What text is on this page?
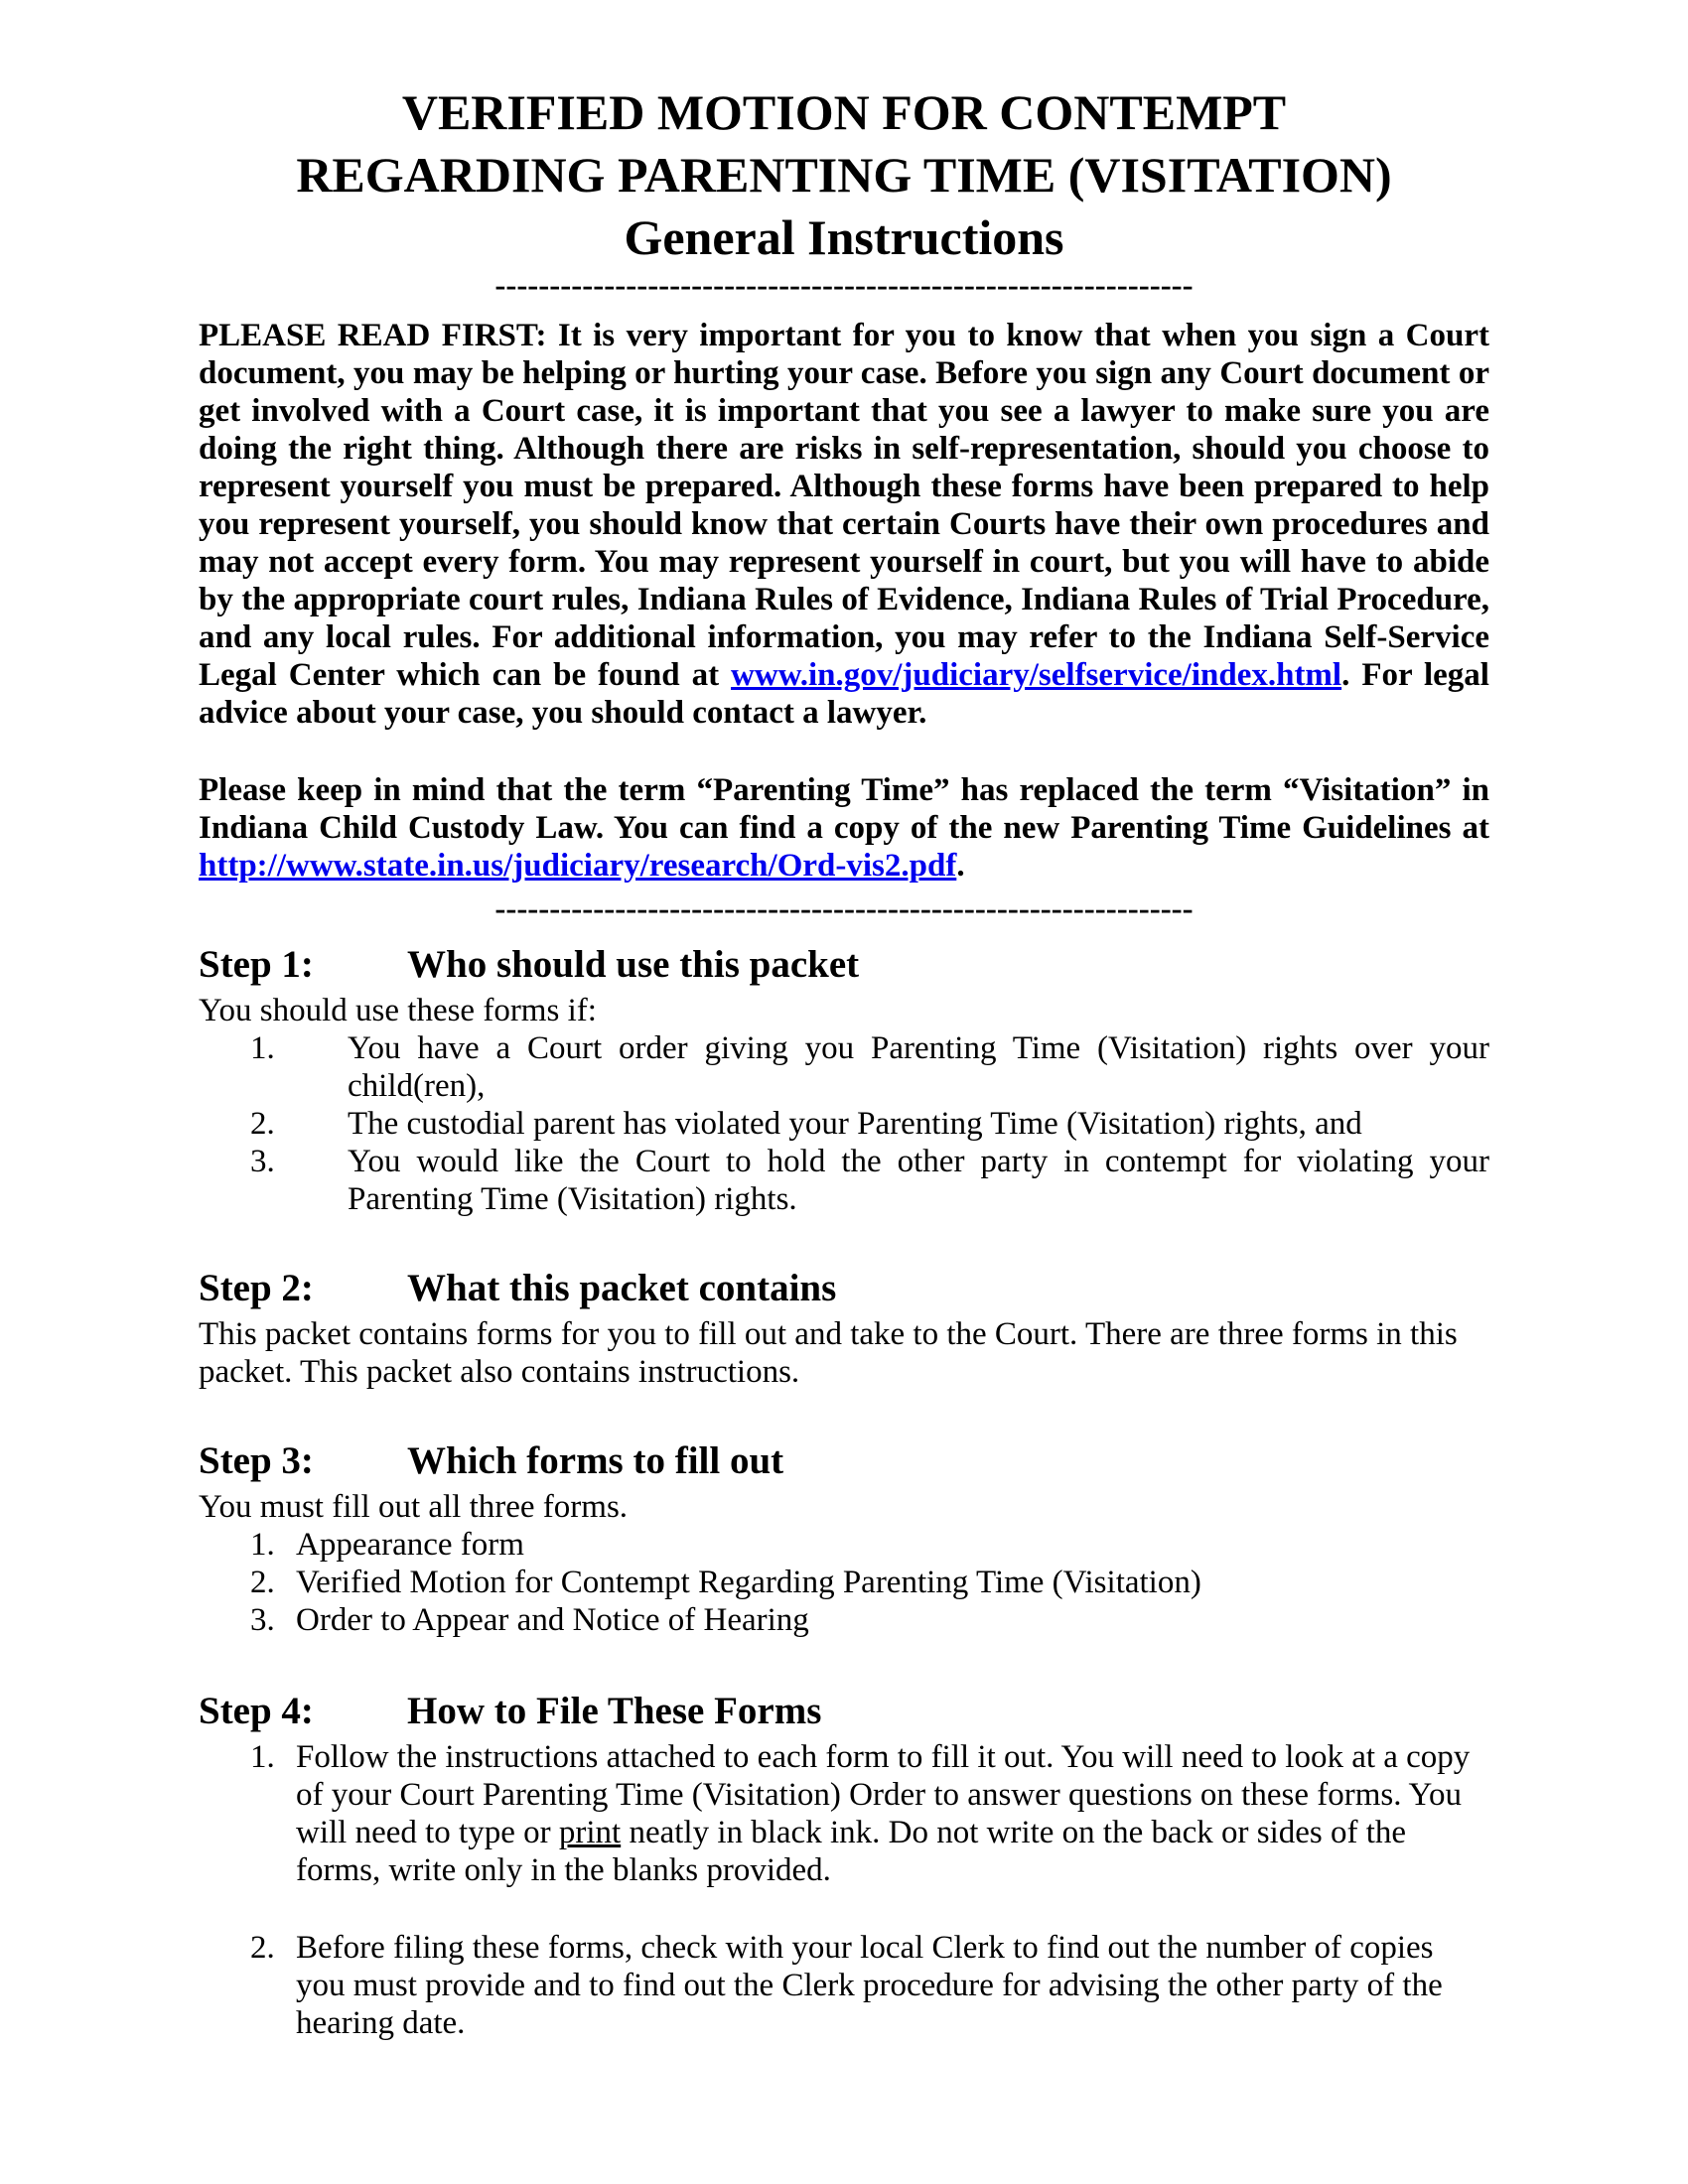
VERIFIED MOTION FOR CONTEMPT
REGARDING PARENTING TIME (VISITATION)
General Instructions
----------------------------------------------------------------

PLEASE READ FIRST: It is very important for you to know that when you sign a Court document, you may be helping or hurting your case. Before you sign any Court document or get involved with a Court case, it is important that you see a lawyer to make sure you are doing the right thing. Although there are risks in self-representation, should you choose to represent yourself you must be prepared. Although these forms have been prepared to help you represent yourself, you should know that certain Courts have their own procedures and may not accept every form. You may represent yourself in court, but you will have to abide by the appropriate court rules, Indiana Rules of Evidence, Indiana Rules of Trial Procedure, and any local rules. For additional information, you may refer to the Indiana Self-Service Legal Center which can be found at www.in.gov/judiciary/selfservice/index.html. For legal advice about your case, you should contact a lawyer.

Please keep in mind that the term “Parenting Time” has replaced the term “Visitation” in Indiana Child Custody Law. You can find a copy of the new Parenting Time Guidelines at http://www.state.in.us/judiciary/research/Ord-vis2.pdf.

----------------------------------------------------------------
Step 1: Who should use this packet

You should use these forms if:

1. You have a Court order giving you Parenting Time (Visitation) rights over your child(ren),
2. The custodial parent has violated your Parenting Time (Visitation) rights, and
3. You would like the Court to hold the other party in contempt for violating your Parenting Time (Visitation) rights.
Step 2: What this packet contains

This packet contains forms for you to fill out and take to the Court. There are three forms in this packet. This packet also contains instructions.

Step 3: Which forms to fill out

You must fill out all three forms.

1. Appearance form
2. Verified Motion for Contempt Regarding Parenting Time (Visitation)
3. Order to Appear and Notice of Hearing
Step 4: How to File These Forms
1. Follow the instructions attached to each form to fill it out. You will need to look at a copy of your Court Parenting Time (Visitation) Order to answer questions on these forms. You will need to type or print neatly in black ink. Do not write on the back or sides of the forms, write only in the blanks provided.
2. Before filing these forms, check with your local Clerk to find out the number of copies you must provide and to find out the Clerk procedure for advising the other party of the hearing date.
